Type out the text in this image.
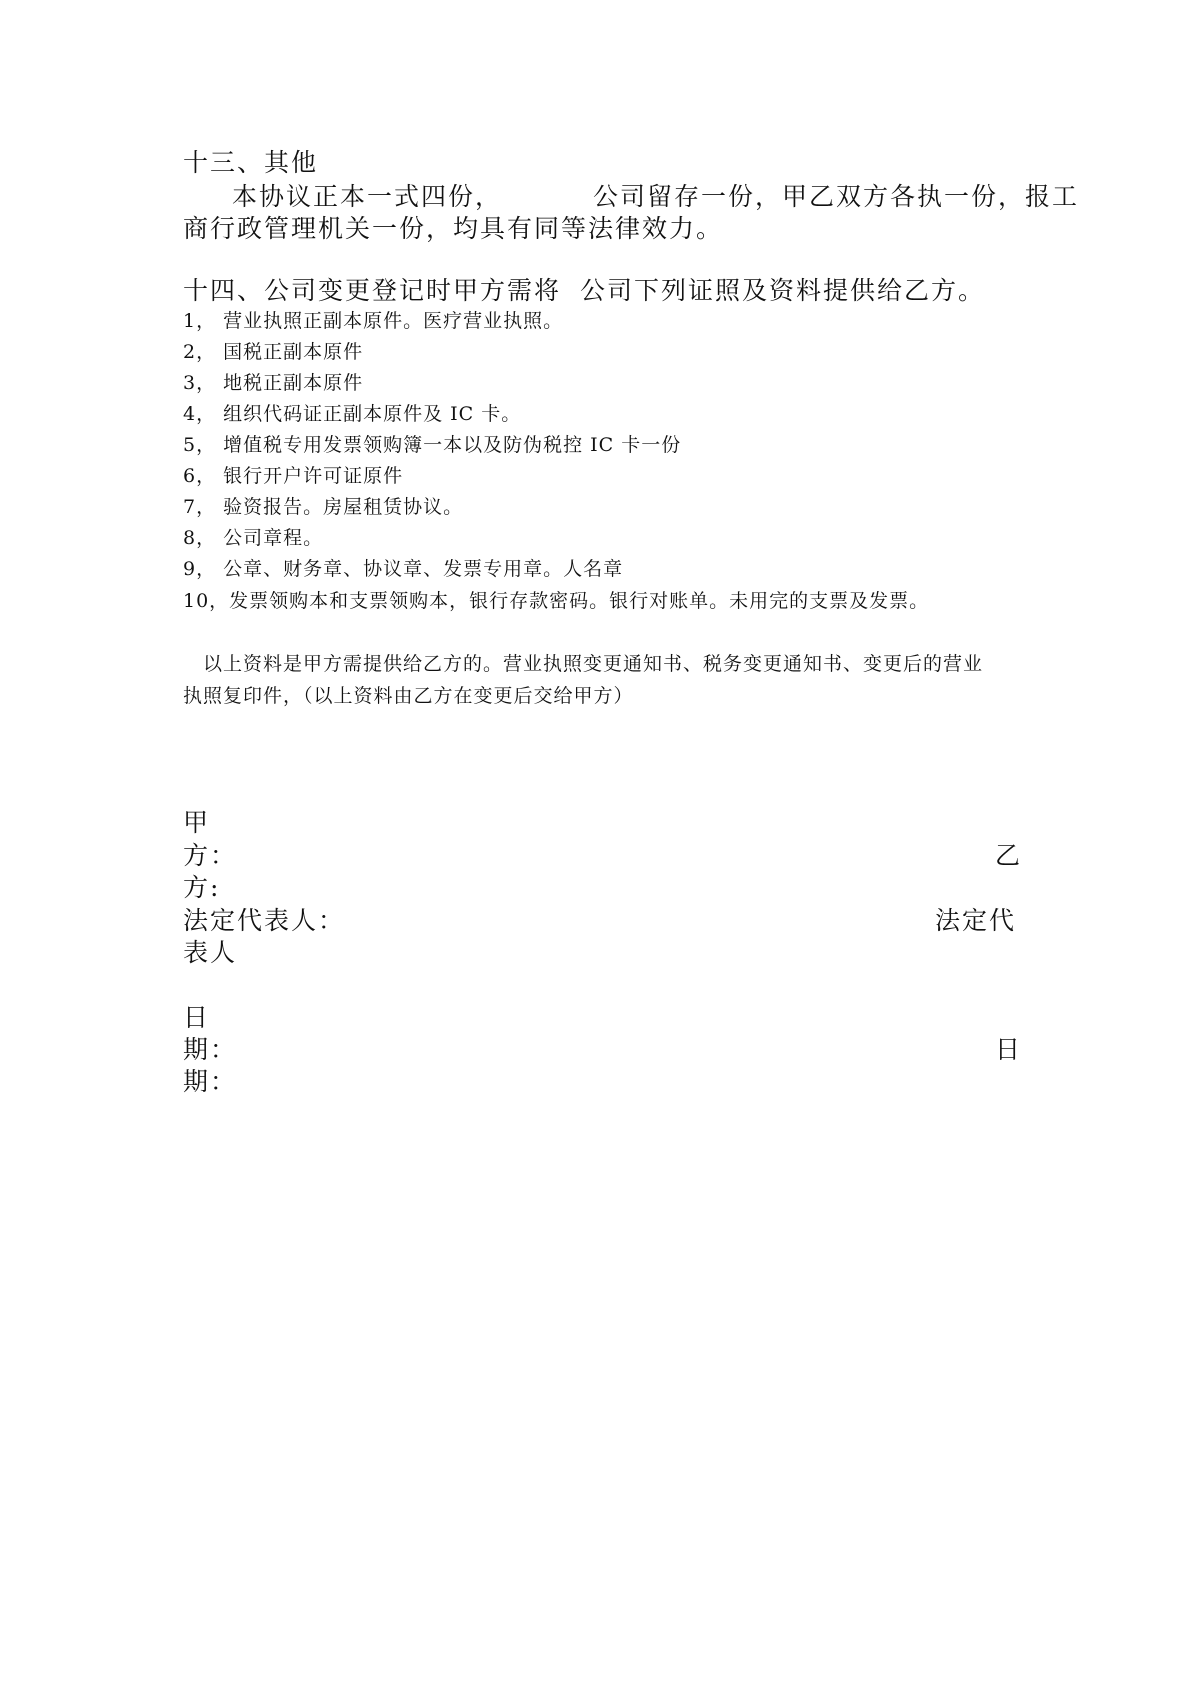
十三、其他
本协议正本一式四份，	公司留存一份，甲乙双方各执一份，报工
商行政管理机关一份，均具有同等法律效力。
十四、公司变更登记时甲方需将 公司下列证照及资料提供给乙方。
1， 营业执照正副本原件。医疗营业执照。
2， 国税正副本原件
3， 地税正副本原件
4， 组织代码证正副本原件及 IC 卡。
5， 增值税专用发票领购簿一本以及防伪税控 IC 卡一份
6， 银行开户许可证原件
7， 验资报告。房屋租赁协议。
8， 公司章程。
9， 公章、财务章、协议章、发票专用章。人名章
10，发票领购本和支票领购本，银行存款密码。银行对账单。未用完的支票及发票。
以上资料是甲方需提供给乙方的。营业执照变更通知书、税务变更通知书、变更后的营业
执照复印件，（以上资料由乙方在变更后交给甲方）
甲
方：	乙
方:
法定代表人：	法定代
表人
日
期：	日
期：
